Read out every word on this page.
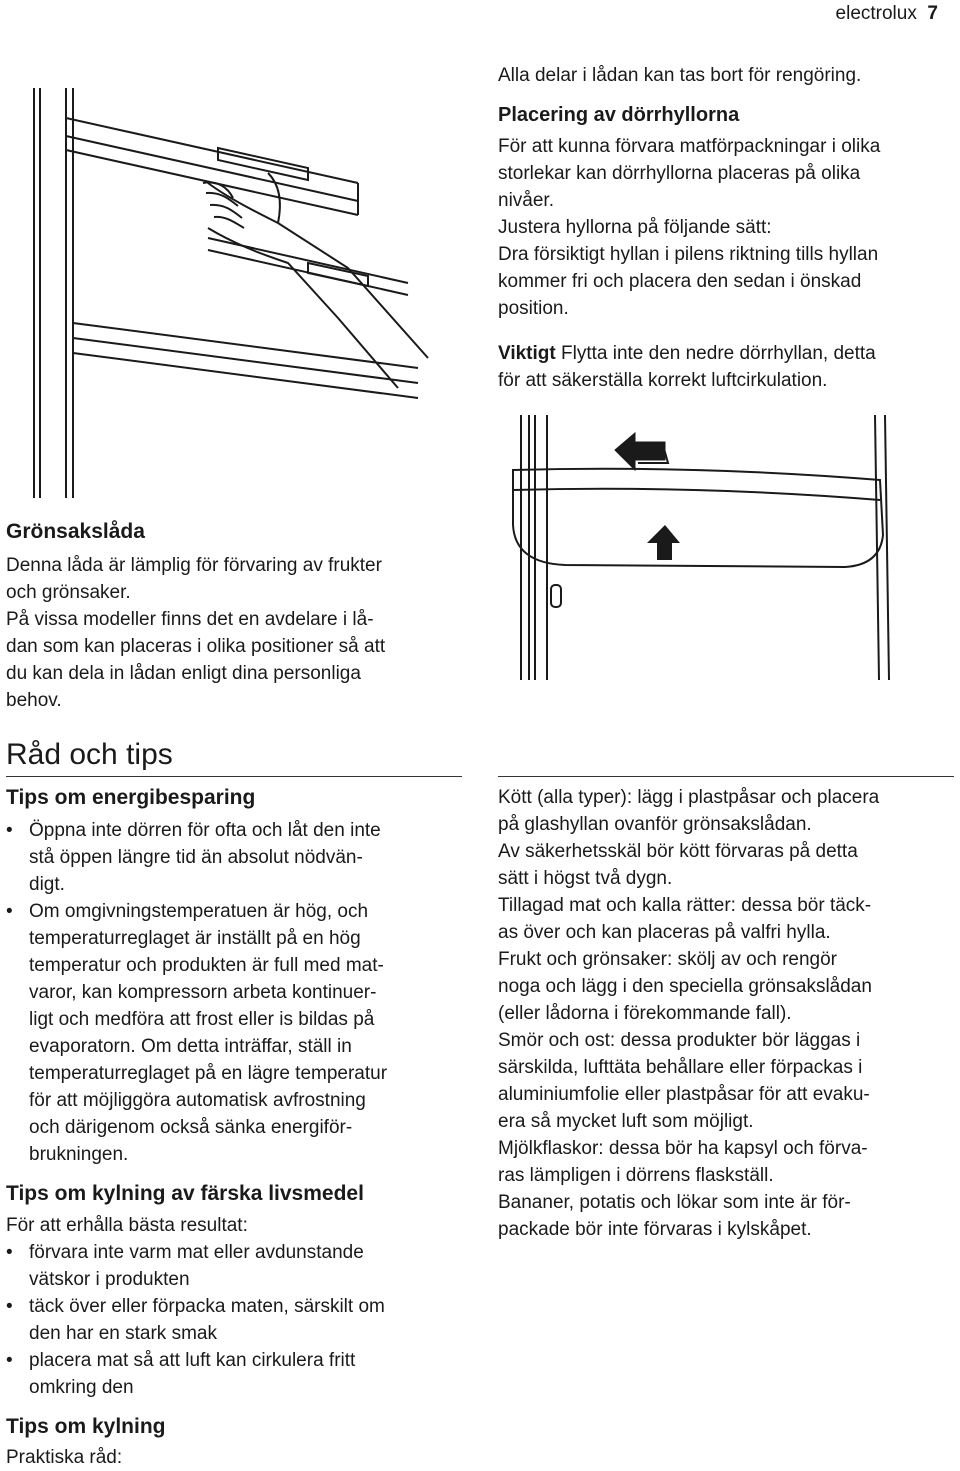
electrolux 7
Alla delar i lådan kan tas bort för rengöring.
Placering av dörrhyllorna
För att kunna förvara matförpackningar i olika
storlekar kan dörrhyllorna placeras på olika
nivåer.
Justera hyllorna på följande sätt:
Dra försiktigt hyllan i pilens riktning tills hyllan
kommer fri och placera den sedan i önskad
position.
Viktigt Flytta inte den nedre dörrhyllan, detta
för att säkerställa korrekt luftcirkulation.
Grönsakslåda
Denna låda är lämplig för förvaring av frukter
och grönsaker.
På vissa modeller finns det en avdelare i lå-
dan som kan placeras i olika positioner så att
du kan dela in lådan enligt dina personliga
behov.
Råd och tips
Tips om energibesparing
• Öppna inte dörren för ofta och låt den inte
stå öppen längre tid än absolut nödvän-
digt.
• Om omgivningstemperatuen är hög, och
temperaturreglaget är inställt på en hög
temperatur och produkten är full med mat-
varor, kan kompressorn arbeta kontinuer-
ligt och medföra att frost eller is bildas på
evaporatorn. Om detta inträffar, ställ in
temperaturreglaget på en lägre temperatur
för att möjliggöra automatisk avfrostning
och därigenom också sänka energiför-
brukningen.
Tips om kylning av färska livsmedel
För att erhålla bästa resultat:
• förvara inte varm mat eller avdunstande
vätskor i produkten
• täck över eller förpacka maten, särskilt om
den har en stark smak
• placera mat så att luft kan cirkulera fritt
omkring den
Tips om kylning
Praktiska råd:
Kött (alla typer): lägg i plastpåsar och placera
på glashyllan ovanför grönsakslådan.
Av säkerhetsskäl bör kött förvaras på detta
sätt i högst två dygn.
Tillagad mat och kalla rätter: dessa bör täck-
as över och kan placeras på valfri hylla.
Frukt och grönsaker: skölj av och rengör
noga och lägg i den speciella grönsakslådan
(eller lådorna i förekommande fall).
Smör och ost: dessa produkter bör läggas i
särskilda, lufttäta behållare eller förpackas i
aluminiumfolie eller plastpåsar för att evaku-
era så mycket luft som möjligt.
Mjölkflaskor: dessa bör ha kapsyl och förva-
ras lämpligen i dörrens flaskställ.
Bananer, potatis och lökar som inte är för-
packade bör inte förvaras i kylskåpet.
